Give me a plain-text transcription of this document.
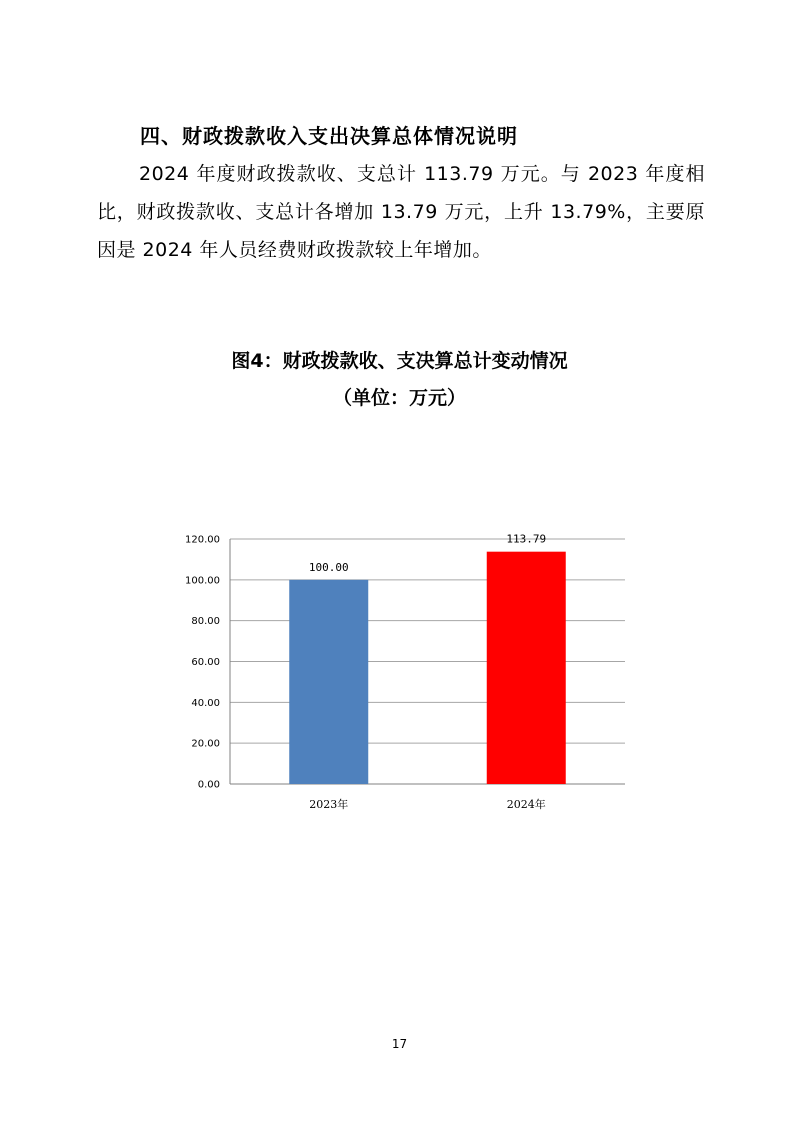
四、财政拨款收入支出决算总体情况说明

2024 年度财政拨款收、支总计 113.79 万元。与 2023 年度相比，财政拨款收、支总计各增加 13.79 万元，上升 13.79%，主要原因是 2024 年人员经费财政拨款较上年增加。

图4：财政拨款收、支决算总计变动情况
（单位：万元）
0.00
20.00
40.00
60.00
80.00
100.00
120.00
2023年
100.00
2024年
113.79
17
